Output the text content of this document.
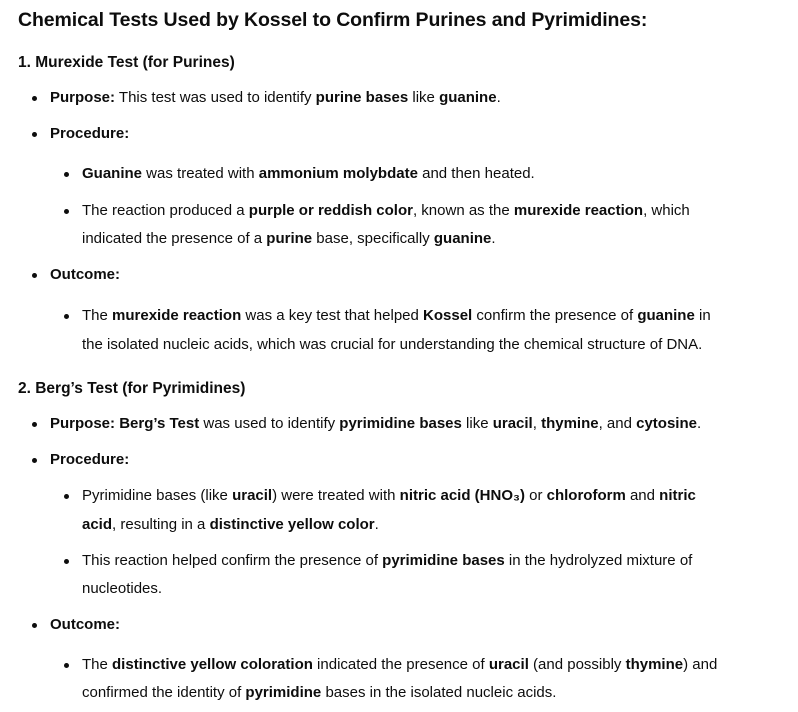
Chemical Tests Used by Kossel to Confirm Purines and Pyrimidines:
1. Murexide Test (for Purines)

Purpose: This test was used to identify purine bases like guanine.

Procedure:

Guanine was treated with ammonium molybdate and then heated.

The reaction produced a purple or reddish color, known as the murexide reaction, which

indicated the presence of a purine base, specifically guanine.

Outcome:

The murexide reaction was a key test that helped Kossel confirm the presence of guanine in

the isolated nucleic acids, which was crucial for understanding the chemical structure of DNA.

2. Berg’s Test (for Pyrimidines)

Purpose: Berg’s Test was used to identify pyrimidine bases like uracil, thymine, and cytosine.

Procedure:

Pyrimidine bases (like uracil) were treated with nitric acid (HNO₃) or chloroform and nitric

acid, resulting in a distinctive yellow color.

This reaction helped confirm the presence of pyrimidine bases in the hydrolyzed mixture of

nucleotides.

Outcome:

The distinctive yellow coloration indicated the presence of uracil (and possibly thymine) and

confirmed the identity of pyrimidine bases in the isolated nucleic acids.
